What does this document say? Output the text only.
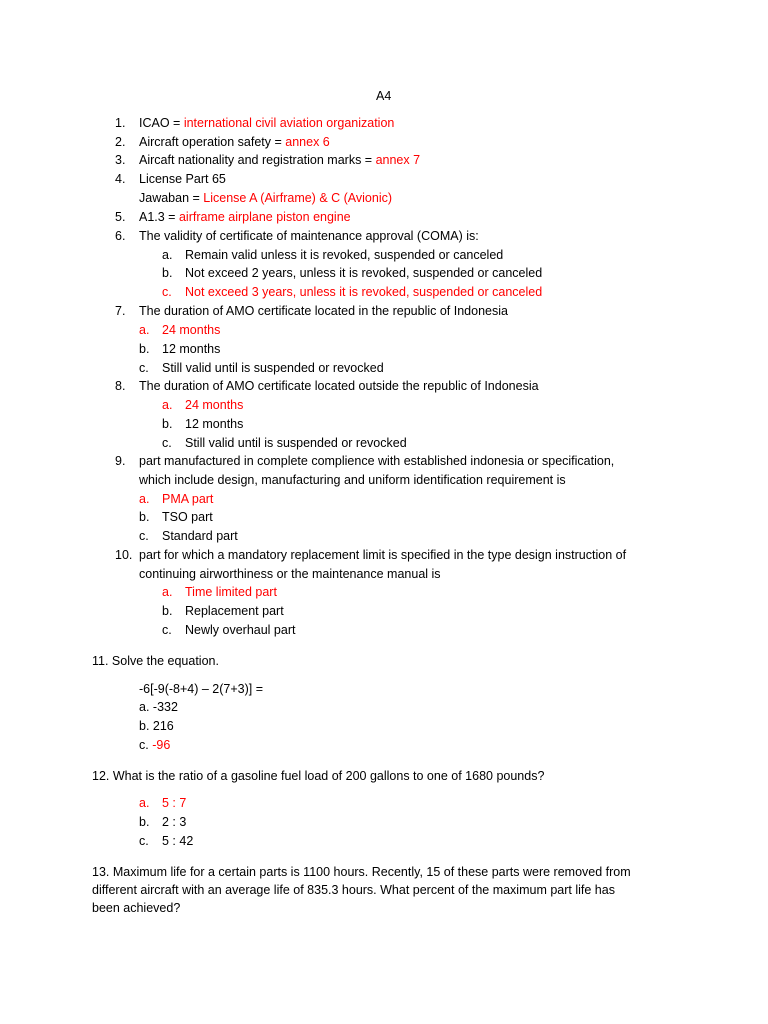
A4
1. ICAO = international civil aviation organization
2. Aircraft operation safety = annex 6
3. Aircaft nationality and registration marks = annex 7
4. License Part 65
Jawaban = License A (Airframe) & C (Avionic)
5. A1.3 = airframe airplane piston engine
6. The validity of certificate of maintenance approval (COMA) is:
a. Remain valid unless it is revoked, suspended or canceled
b. Not exceed 2 years, unless it is revoked, suspended or canceled
c. Not exceed 3 years, unless it is revoked, suspended or canceled
7. The duration of AMO certificate located in the republic of Indonesia
a. 24 months
b. 12 months
c. Still valid until is suspended or revocked
8. The duration of AMO certificate located outside the republic of Indonesia
a. 24 months
b. 12 months
c. Still valid until is suspended or revocked
9. part manufactured in complete complience with established indonesia or specification,
which include design, manufacturing and uniform identification requirement is
a. PMA part
b. TSO part
c. Standard part
10. part for which a mandatory replacement limit is specified in the type design instruction of
continuing airworthiness or the maintenance manual is
a. Time limited part
b. Replacement part
c. Newly overhaul part
11. Solve the equation.
-6[-9(-8+4) – 2(7+3)] =
a. -332
b. 216
c. -96
12. What is the ratio of a gasoline fuel load of 200 gallons to one of 1680 pounds?
a. 5 : 7
b. 2 : 3
c. 5 : 42
13. Maximum life for a certain parts is 1100 hours. Recently, 15 of these parts were removed from
different aircraft with an average life of 835.3 hours. What percent of the maximum part life has
been achieved?
